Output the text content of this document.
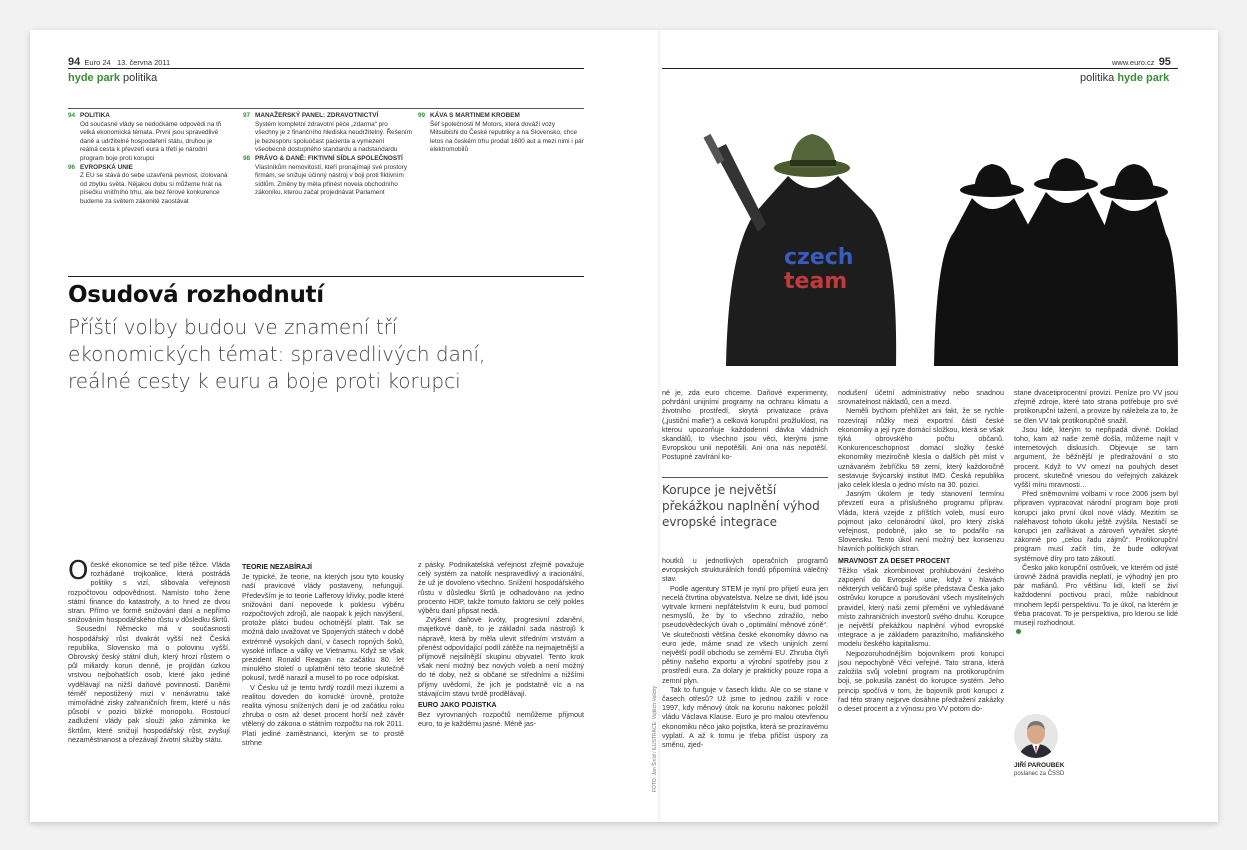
94 Euro 24 13. června 2011
hyde park politika
www.euro.cz 95
politika hyde park
94 POLITIKA
Od současné vlády se nedočkáme odpovědi na tři velká ekonomická témata. První jsou spravedlivé daně a udržitelné hospodaření státu, druhou je reálná cesta k převzetí eura a třetí je národní program boje proti korupci
96 EVROPSKÁ UNIE
Z EU se stává do sebe uzavřená pevnost, izolovaná od zbytku světa. Nějakou dobu si můžeme hrát na písečku vnitřního trhu, ale bez férové konkurence budeme za světem zákonitě zaostávat
97 MANAŽERSKÝ PANEL: ZDRAVOTNICTVÍ
Systém kompletní zdravotní péče „zdarma“ pro všechny je z finančního hlediska neudržitelný. Řešením je bezesporu spoluúčast pacienta a vymezení všeobecně dostupného standardu a nadstandardu
98 PRÁVO & DANĚ: FIKTIVNÍ SÍDLA SPOLEČNOSTÍ
Vlastníkům nemovitostí, kteří pronajímají své prostory firmám, se snižuje účinný nástroj v boji proti fiktivním sídlům. Změny by měla přinést novela obchodního zákoníku, kterou začal projednávat Parlament
99 KÁVA S MARTINEM KROBEM
Šéf společnosti M Motors, která dováží vozy Mitsubishi do České republiky a na Slovensko, chce letos na českém trhu prodat 1600 aut a mezi nimi i pár elektromobilů
Osudová rozhodnutí
Příští volby budou ve znamení tří ekonomických témat: spravedlivých daní, reálné cesty k euru a boje proti korupci
czech
team
O české ekonomice se teď píše těžce. Vláda rozhádané trojkoalice, která postrádá politiky s vizí, slibovala veřejnosti rozpočtovou odpovědnost. Namísto toho žene státní finance do katastrofy, a to hned ze dvou stran. Přímo ve formě snižování daní a nepřímo snižováním hospodářského růstu v důsledku škrtů.
Sousední Německo má v současnosti hospodářský růst dvakrát vyšší než Česká republika, Slovensko má o polovinu vyšší. Obrovský český státní dluh, který hrozí růstem o půl miliardy korun denně, je projídán úzkou vrstvou nejbohatších osob, které jako jediné vydělávají na nižší daňové povinnosti. Daněmi téměř nepostižený mizí v nenávratnu také mimořádné zisky zahraničních firem, které u nás působí v pozici blízké monopolu. Rostoucí zadlužení vlády pak slouží jako záminka ke škrtům, které snižují hospodářský růst, zvyšují nezaměstnanost a ořezávají životní služby státu.
TEORIE NEZABÍRAJÍ
Je typické, že teorie, na kterých jsou tyto kousky naší pravicové vlády postaveny, nefungují. Především je to teorie Lafferovy křivky, podle které snižování daní nepovede k poklesu výběru rozpočtových zdrojů, ale naopak k jejich navýšení, protože plátci budou ochotnější platit. Tak se možná dalo uvažovat ve Spojených státech v době extrémně vysokých daní, v časech ropných šoků, vysoké inflace a války ve Vietnamu. Když se však prezident Ronald Reagan na začátku 80. let minulého století o uplatnění této teorie skutečně pokusil, tvrdě narazil a musel to po roce odpískat.
V Česku už je tento tvrdý rozdíl mezi iluzemi a realitou doveden do komické úrovně, protože realita výnosu snížených daní je od začátku roku zhruba o osm až deset procent horší než závěr vtělený do zákona o státním rozpočtu na rok 2011. Platí jediné zaměstnanci, kterým se to prostě strhne
z pásky. Podnikatelská veřejnost zřejmě považuje celý systém za natolik nespravedlivý a iracionální, že už je dovoleno všechno. Snížení hospodářského růstu v důsledku škrtů je odhadováno na jedno procento HDP, takže tomuto faktoru se celý pokles výběru daní připsat nedá.
Zvýšení daňové kvóty, progresivní zdanění, majetkové daně, to je základní sada nástrojů k nápravě, která by měla ulevit středním vrstvám a přenést odpovídající podíl zátěže na nejmajetnější a příjmově nejsilnější skupinu obyvatel. Tento krok však není možný bez nových voleb a není možný do té doby, než si občané se středními a nižšími příjmy uvědomí, že jich je podstatně víc a na stávajícím stavu tvrdě prodělávají.
EURO JAKO POJISTKA
Bez vyrovnaných rozpočtů nemůžeme přijmout euro, to je každému jasné. Méně jas-
né je, zda euro chceme. Daňové experimenty, pohrdání unijními programy na ochranu klimatu a životního prostředí, skrytá privatizace práva („justiční mafie“) a celková korupční prožluklost, na kterou upozorňuje každodenní dávka vládních skandálů, to všechno jsou věci, kterými jsme Evropskou unii nepotěšili. Ani ona nás nepotěší. Postupné zavírání ko-
Korupce je největší překážkou naplnění výhod evropské integrace
houtků u jednotlivých operačních programů evropských strukturálních fondů připomíná válečný stav.
Podle agentury STEM je nyní pro přijetí eura jen necelá čtvrtina obyvatelstva. Nelze se divit, lidé jsou vytrvale krmeni nepřátelstvím k euru, bud pomocí nesmyslů, že by to všechno zdražilo, nebo pseudovědeckých úvah o „optimální měnové zóně“. Ve skutečnosti většina české ekonomiky dávno na euro jede, máme snad ze všech unijních zemí největší podíl obchodu se zeměmi EU. Zhruba čtyři pětiny našeho exportu a výrobní spotřeby jsou z prostředí eura. Za dolary je prakticky pouze ropa a zemní plyn.
Tak to funguje v časech klidu. Ale co se stane v časech otřesů? Už jsme to jednou zažili v roce 1997, kdy měnový útok na korunu nakonec položil vládu Václava Klause. Euro je pro malou otevřenou ekonomiku něco jako pojistka, která se prozíravému vyplatí. A až k tomu je třeba přičíst úspory za směnu, zjed-
FOTO: Jan Šmíd / ILUSTRACE: Vojtěch Velický
nodušení účetní administrativy nebo snadnou srovnatelnost nákladů, cen a mezd.
Neměli bychom přehlížet ani fakt, že se rychle rozevírají nůžky mezi exportní částí české ekonomiky a její ryze domácí složkou, která se však týká obrovského počtu občanů. Konkurenceschopnost domácí složky české ekonomiky meziročně klesla o dalších pět míst v uznávaném žebříčku 59 zemí, který každoročně sestavuje švýcarský institut IMD. Česká republika jako celek klesla o jedno místo na 30. pozici.
Jasným úkolem je tedy stanovení termínu převzetí eura a příslušného programu příprav. Vláda, která vzejde z příštích voleb, musí euro pojmout jako celonárodní úkol, pro který získá veřejnost, podobně, jako se to podařilo na Slovensku. Tento úkol není možný bez konsenzu hlavních politických stran.
MRAVNOST ZA DESET PROCENT
Těžko však zkombinovat prohlubování českého zapojení do Evropské unie, když v hlavách některých veličánů bují spíše představa Česka jako ostrůvku korupce a porušování všech myslitelných pravidel, který naši zemi přemění ve vyhledávané místo zahraničních investorů svého druhu. Korupce je největší překážkou naplnění výhod evropské integrace a je základem parazitního, mafiánského modelu českého kapitalismu.
Nejpozoruhodnějším bojovníkem proti korupci jsou nepochybně Věci veřejné. Tato strana, která založila svůj volební program na protikorupčním boji, se pokusila zanést do korupce systém. Jeho princip spočívá v tom, že bojovník proti korupci z řad této strany nejprve dosáhne předražení zakázky o deset procent a z výnosu pro VV potom do-
stane dvacetiprocentní provizi. Peníze pro VV jsou zřejmě zdroje, které tato strana potřebuje pro své protikorupční tažení, a provize by náležela za to, že se člen VV tak protikorupčně snažil.
Jsou lidé, kterým to nepřipadá divné. Doklad toho, kam až naše země došla, můžeme najít v internetových diskusích. Objevuje se tam argument, že běžnější je předražování o sto procent. Když to VV omezí na pouhých deset procent, skutečně vnesou do veřejných zakázek vyšší míru mravnosti…
Před sněmovními volbami v roce 2006 jsem byl připraven vypracovat národní program boje proti korupci jako první úkol nové vlády. Mezitím se naléhavost tohoto úkolu ještě zvýšila. Nestačí se korupci jen zaříkávat a zároveň vytvářet skryté zákonné pro „celou řadu zájmů“. Protikorupční program musí začít tím, že bude odkrývat systémové díry pro tato zákoutí.
Česko jako korupční ostrůvek, ve kterém od jisté úrovně žádná pravidla neplatí, je výhodný jen pro pár mafiánů. Pro většinu lidí, kteří se živí každodenní poctivou prací, může nabídnout mnohem lepší perspektivu. To je úkol, na kterém je třeba pracovat. To je perspektiva, pro kterou se lidé musejí rozhodnout.
JIŘÍ PAROUBEK
poslanec za ČSSD
